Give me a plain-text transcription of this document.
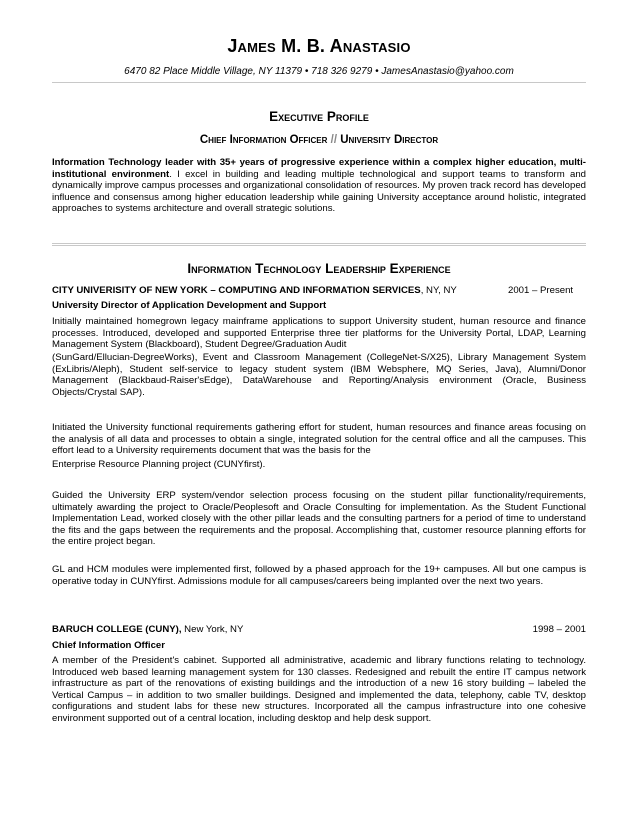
James M. B. Anastasio
6470 82 Place Middle Village, NY 11379 • 718 326 9279 • JamesAnastasio@yahoo.com
Executive Profile
Chief Information Officer // University Director
Information Technology leader with 35+ years of progressive experience within a complex higher education, multi-institutional environment. I excel in building and leading multiple technological and support teams to transform and dynamically improve campus processes and organizational consolidation of resources. My proven track record has developed influence and consensus among higher education leadership while gaining University acceptance around holistic, integrated approaches to systems architecture and overall strategic solutions.
Information Technology Leadership Experience
CITY UNIVERISITY OF NEW YORK – COMPUTING AND INFORMATION SERVICES, NY, NY	2001 – Present
University Director of Application Development and Support
Initially maintained homegrown legacy mainframe applications to support University student, human resource and finance processes. Introduced, developed and supported Enterprise three tier platforms for the University Portal, LDAP, Learning Management System (Blackboard), Student Degree/Graduation Audit
(SunGard/Ellucian-DegreeWorks), Event and Classroom Management (CollegeNet-S/X25), Library Management System (ExLibris/Aleph), Student self-service to legacy student system (IBM Websphere, MQ Series, Java), Alumni/Donor Management (Blackbaud-Raiser'sEdge), DataWarehouse and Reporting/Analysis environment (Oracle, Business Objects/Crystal SAP).
Initiated the University functional requirements gathering effort for student, human resources and finance areas focusing on the analysis of all data and processes to obtain a single, integrated solution for the central office and all the campuses. This effort lead to a University requirements document that was the basis for the
Enterprise Resource Planning project (CUNYfirst).
Guided the University ERP system/vendor selection process focusing on the student pillar functionality/requirements, ultimately awarding the project to Oracle/Peoplesoft and Oracle Consulting for implementation. As the Student Functional Implementation Lead, worked closely with the other pillar leads and the consulting partners for a period of time to understand the fits and the gaps between the requirements and the proposal. Accomplishing that, customer resource planning efforts for the entire project began.
GL and HCM modules were implemented first, followed by a phased approach for the 19+ campuses. All but one campus is operative today in CUNYfirst. Admissions module for all campuses/careers being implanted over the next two years.
BARUCH COLLEGE (CUNY), New York, NY	1998 – 2001
Chief Information Officer
A member of the President's cabinet. Supported all administrative, academic and library functions relating to technology. Introduced web based learning management system for 130 classes. Redesigned and rebuilt the entire IT campus network infrastructure as part of the renovations of existing buildings and the introduction of a new 16 story building – labeled the Vertical Campus – in addition to two smaller buildings. Designed and implemented the data, telephony, cable TV, desktop configurations and student labs for these new structures. Incorporated all the campus infrastructure into one cohesive environment supported out of a central location, including desktop and help desk support.
